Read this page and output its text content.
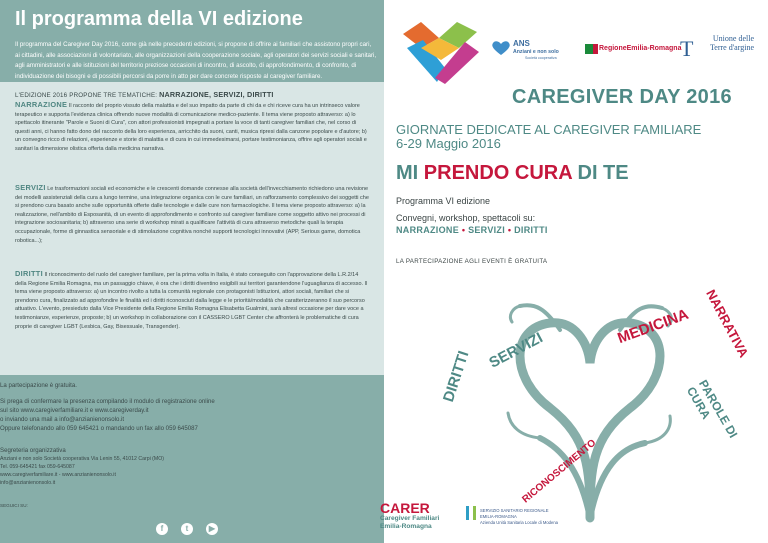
Il programma della VI edizione
Il programma del Caregiver Day 2016, come già nelle precedenti edizioni, si propone di offrire ai familiari che assistono propri cari, ai cittadini, alle associazioni di volontariato, alle organizzazioni della cooperazione sociale, agli operatori dei servizi sociali e sanitari, agli amministratori e alle istituzioni del territorio preziose occasioni di incontro, di ascolto, di approfondimento, di confronto, di individuazione dei bisogni e di possibili percorsi da porre in atto per dare concrete risposte al caregiver familiare.
L'EDIZIONE 2016 PROPONE TRE TEMATICHE: NARRAZIONE, SERVIZI, DIRITTI
NARRAZIONE Il racconto del proprio vissuto della malattia e del suo impatto da parte di chi da e chi riceve cura ha un intrinseco valore terapeutico e supporta l'evidenza clinica offrendo nuove modalità di comunicazione medico-paziente. Il tema viene proposto attraverso: a) lo spettacolo itinerante "Parole e Suoni di Cura", con attori professionisti impegnati a portare la voce di tanti caregiver familiari che, nel corso di questi anni, ci hanno fatto dono del racconto della loro esperienza, arricchito da suoni, canti, musica ripresi dalla canzone popolare e d'autore; b) un convegno ricco di relazioni, esperienze e storie di malattia e di cura in cui immedesimarsi, portare testimonianza, offrire agli operatori sociali e sanitari la dimensione olistica offerta dalla medicina narrativa.
SERVIZI Le trasformazioni sociali ed economiche e le crescenti domande connesse alla società dell'invecchiamento richiedono una revisione dei modelli assistenziali della cura a lungo termine, una integrazione organica con le cure familiari, un rafforzamento complessivo dei soggetti che si prendono cura basato anche sulle opportunità offerte dalle tecnologie e dalle cure non farmacologiche. Il tema viene proposto attraverso: a) la realizzazione, nell'ambito di Esposanità, di un evento di approfondimento e confronto sul caregiver familiare come soggetto attivo nei processi di integrazione sociosanitaria; b) attraverso una serie di workshop mirati a qualificare l'attività di cura attraverso metodiche quali la terapia occupazionale, forme di ginnastica sensoriale e di stimolazione cognitiva nonché supporti tecnologici innovativi (APP, Serious game, domotica robotica...);
DIRITTI Il riconoscimento del ruolo del caregiver familiare, per la prima volta in Italia, è stato conseguito con l'approvazione della L.R.2/14 della Regione Emilia Romagna, ma un passaggio chiave, è ora che i diritti diventino esigibili sui territori garantendone l'uguaglianza di accesso. Il tema viene proposto attraverso: a) un incontro rivolto a tutta la comunità regionale con protagonisti Istituzioni, attori sociali, familiari che si prendono cura, finalizzato ad approfondire le finalità ed i diritti riconosciuti dalla legge e le priorità/modalità che caratterizzeranno il suo percorso attuativo. L'evento, presieduto dalla Vice Presidente della Regione Emilia Romagna Elisabetta Gualmini, sarà altresì occasione per dare voce a testimonianze, esperienze, proposte; b) un workshop in collaborazione con il CASSERO LGBT Center che affronterà le problematiche di cura proprie di caregiver LGBT (Lesbica, Gay, Bisessuale, Transgender).
La partecipazione è gratuita.
Si prega di confermare la presenza compilando il modulo di registrazione online
sul sito www.caregiverfamiliare.it e www.caregiverday.it
o inviando una mail a info@anzianienonsolo.it
Oppure telefonando allo 059 645421 o mandando un fax allo 059 645087
Segreteria organizzativa
Anziani e non solo Società cooperativa Via Lenin 55, 41012 Carpi (MO)
Tel. 059-645421 fax 059-645087
www.caregiverfamiliare.it - www.anzianienonsolo.it
info@anzianienonsolo.it
SEGUICI SU:
f	t	▶
ANS
Anziani e non solo
Società cooperativa
RegioneEmilia-Romagna
T	Unione delle Terre d'argine
CAREGIVER DAY 2016
GIORNATE DEDICATE AL CAREGIVER FAMILIARE
6-29 Maggio 2016
MI PRENDO CURA DI TE
Programma VI edizione
Convegni, workshop, spettacoli su:
NARRAZIONE • SERVIZI • DIRITTI
LA PARTECIPAZIONE AGLI EVENTI È GRATUITA
MEDICINA NARRATIVA
SERVIZI
DIRITTI
PAROLE DI CURA
RICONOSCIMENTO
CARER
Caregiver Familiari
Emilia-Romagna
SERVIZIO SANITARIO REGIONALE
EMILIA-ROMAGNA
Azienda Unità Sanitaria Locale di Modena
